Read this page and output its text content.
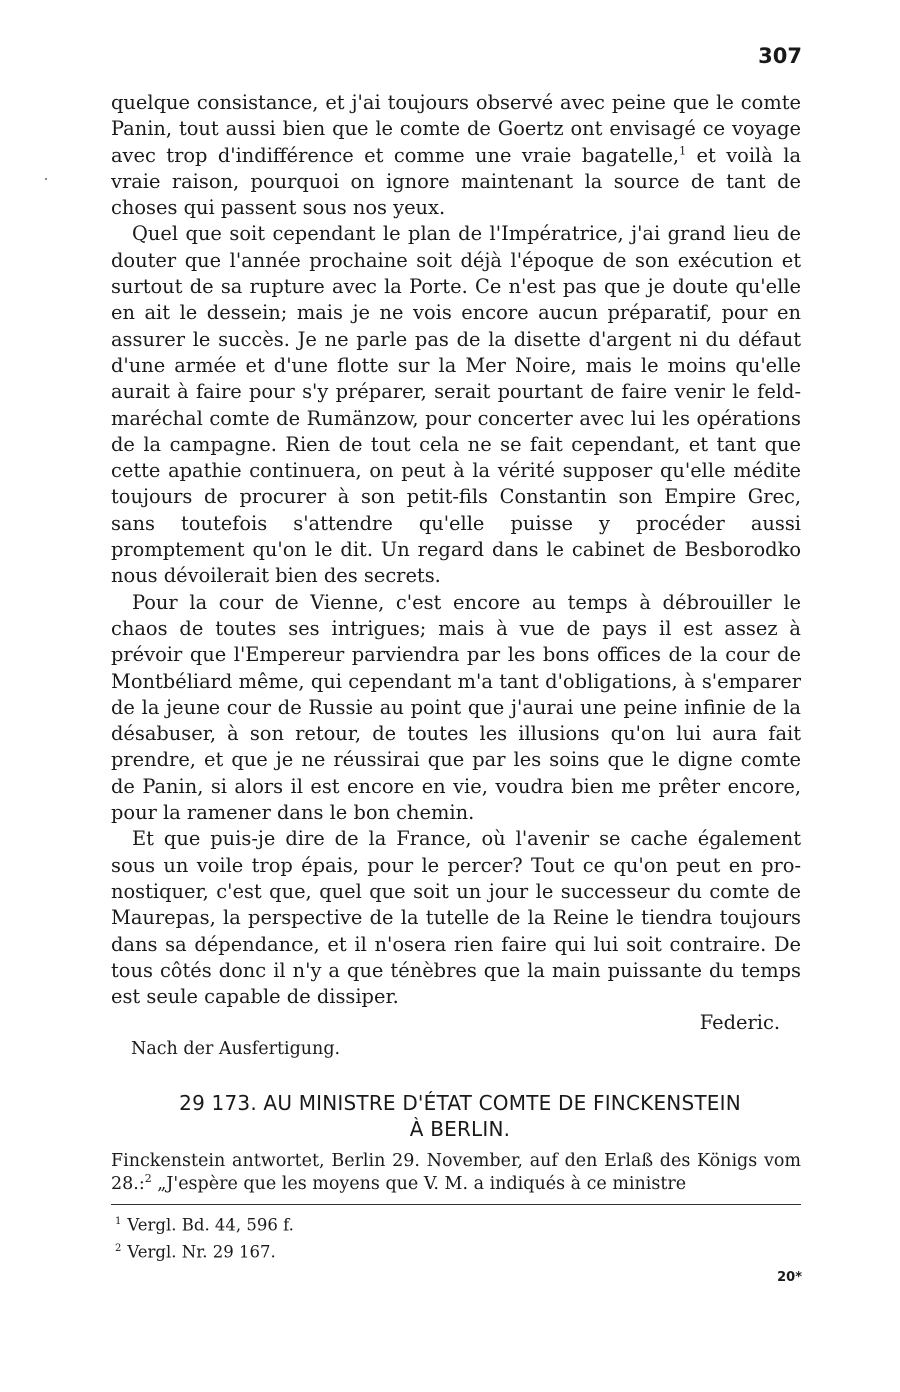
307

quelque consistance, et j'ai toujours observé avec peine que le comte Panin, tout aussi bien que le comte de Goertz ont envisagé ce voyage avec trop d'indifférence et comme une vraie bagatelle,$^1$ et voilà la vraie raison, pourquoi on ignore maintenant la source de tant de choses qui passent sous nos yeux.

Quel que soit cependant le plan de l'Impératrice, j'ai grand lieu de douter que l'année prochaine soit déjà l'époque de son exécution et surtout de sa rupture avec la Porte. Ce n'est pas que je doute qu'elle en ait le dessein; mais je ne vois encore aucun préparatif, pour en assurer le succès. Je ne parle pas de la disette d'argent ni du défaut d'une armée et d'une flotte sur la Mer Noire, mais le moins qu'elle aurait à faire pour s'y préparer, serait pourtant de faire venir le feldmaréchal comte de Rumänzow, pour concerter avec lui les opérations de la campagne. Rien de tout cela ne se fait cependant, et tant que cette apathie continuera, on peut à la vérité supposer qu'elle médite toujours de procurer à son petit-fils Constantin son Empire Grec, sans toutefois s'attendre qu'elle puisse y procéder aussi promptement qu'on le dit. Un regard dans le cabinet de Besborodko nous dévoilerait bien des secrets.

Pour la cour de Vienne, c'est encore au temps à débrouiller le chaos de toutes ses intrigues; mais à vue de pays il est assez à prévoir que l'Empereur parviendra par les bons offices de la cour de Montbéliard même, qui cependant m'a tant d'obligations, à s'emparer de la jeune cour de Russie au point que j'aurai une peine infinie de la désabuser, à son retour, de toutes les illusions qu'on lui aura fait prendre, et que je ne réussirai que par les soins que le digne comte de Panin, si alors il est encore en vie, voudra bien me prêter encore, pour la ramener dans le bon chemin.

Et que puis-je dire de la France, où l'avenir se cache également sous un voile trop épais, pour le percer? Tout ce qu'on peut en pronostiquer, c'est que, quel que soit un jour le successeur du comte de Maurepas, la perspective de la tutelle de la Reine le tiendra toujours dans sa dépendance, et il n'osera rien faire qui lui soit contraire. De tous côtés donc il n'y a que ténèbres que la main puissante du temps est seule capable de dissiper.

Federic.
Nach der Ausfertigung.
29 173. AU MINISTRE D'ÉTAT COMTE DE FINCKENSTEIN
À BERLIN.
Finckenstein antwortet, Berlin 29. November, auf den Erlaß des Königs vom 28.:$^2$ „J'espère que les moyens que V. M. a indiqués à ce ministre
$^1$ Vergl. Bd. 44, 596 f.
$^2$ Vergl. Nr. 29 167.
20*
